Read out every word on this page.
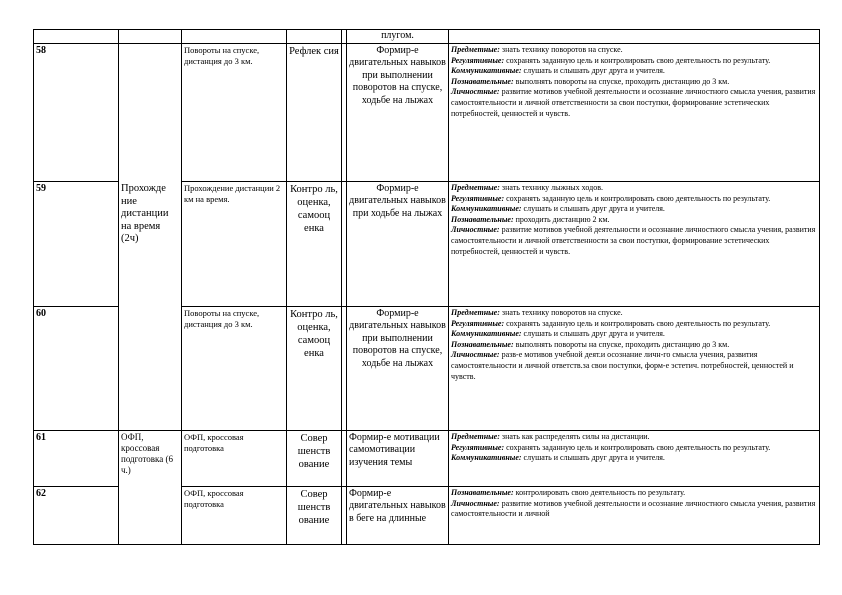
					плугом.	
58	Прохожде ние дистанции на время (2ч)	Повороты на спуске, дистанция до 3 км.	Рефлек сия		Формир-е двигательных навыков при выполнении поворотов на спуске, ходьбе на лыжах	Предметные: знать технику поворотов на спуске.

Регулятивные: сохранять заданную цель и контролировать свою деятельность по результату.

Коммуникативные: слушать и слышать друг друга и учителя.

Познавательные: выполнять повороты на спуске, проходить дистанцию до 3 км.

Личностные: развитие мотивов учебной деятельности и осознание личностного смысла учения, развития самостоятельности и личной ответственности за свои поступки, формирование эстетических потребностей, ценностей и чувств.

59		Прохождение дистанции 2 км на время.	Контро ль, оценка, самооц енка		Формир-е двигательных навыков при ходьбе на лыжах	Предметные: знать технику лыжных ходов.

Регулятивные: сохранять заданную цель и контролировать свою деятельность по результату.

Коммуникативные: слушать и слышать друг друга и учителя.

Познавательные: проходить дистанцию 2 км.

Личностные: развитие мотивов учебной деятельности и осознание личностного смысла учения, развития самостоятельности и личной ответственности за свои поступки, формирование эстетических потребностей, ценностей и чувств.

60		Повороты на спуске, дистанция до 3 км.	Контро ль, оценка, самооц енка		Формир-е двигательных навыков при выполнении поворотов на спуске, ходьбе на лыжах	Предметные: знать технику поворотов на спуске.

Регулятивные: сохранять заданную цель и контролировать свою деятельность по результату.

Коммуникативные: слушать и слышать друг друга и учителя.

Познавательные: выполнять повороты на спуске, проходить дистанцию до 3 км.

Личностные: разв-е мотивов учебной деят.и осознание личн-го смысла учения, развития самостоятельности и личной ответств.за свои поступки, форм-е эстетич. потребностей, ценностей и чувств.

61	ОФП, кроссовая подготовка (6 ч.)	ОФП, кроссовая подготовка	Совер шенств ование		Формир-е мотивации самомотивации изучения темы	Предметные: знать как распределять силы на дистанции.

Регулятивные: сохранять заданную цель и контролировать свою деятельность по результату.

Коммуникативные: слушать и слышать друг друга и учителя.

62		ОФП, кроссовая подготовка	Совер шенств ование		Формир-е двигательных навыков в беге на длинные	Познавательные: контролировать свою деятельность по результату.

Личностные: развитие мотивов учебной деятельности и осознание личностного смысла учения, развития самостоятельности и личной
